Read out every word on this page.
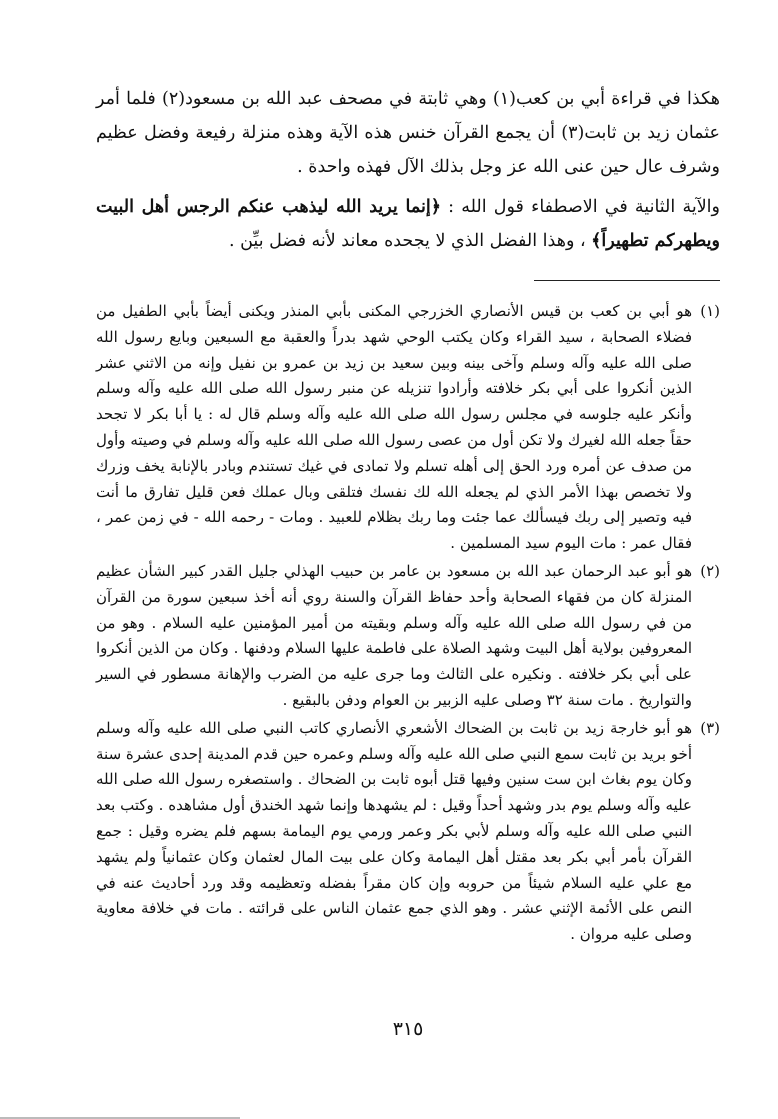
هكذا في قراءة أبي بن كعب(١) وهي ثابتة في مصحف عبد الله بن مسعود(٢) فلما أمر عثمان زيد بن ثابت(٣) أن يجمع القرآن خنس هذه الآية وهذه منزلة رفيعة وفضل عظيم وشرف عال حين عنى الله عز وجل بذلك الآل فهذه واحدة .

والآية الثانية في الاصطفاء قول الله : ﴿إنما يريد الله ليذهب عنكم الرجس أهل البيت ويطهركم تطهيراً﴾ ، وهذا الفضل الذي لا يجحده معاند لأنه فضل بيِّن .

(١)
هو أبي بن كعب بن قيس الأنصاري الخزرجي المكنى بأبي المنذر ويكنى أيضاً بأبي الطفيل من فضلاء الصحابة ، سيد القراء وكان يكتب الوحي شهد بدراً والعقبة مع السبعين وبايع رسول الله صلى الله عليه وآله وسلم وآخى بينه وبين سعيد بن زيد بن عمرو بن نفيل وإنه من الاثني عشر الذين أنكروا على أبي بكر خلافته وأرادوا تنزيله عن منبر رسول الله صلى الله عليه وآله وسلم وأنكر عليه جلوسه في مجلس رسول الله صلى الله عليه وآله وسلم قال له : يا أبا بكر لا تجحد حقاً جعله الله لغيرك ولا تكن أول من عصى رسول الله صلى الله عليه وآله وسلم في وصيته وأول من صدف عن أمره ورد الحق إلى أهله تسلم ولا تمادى في غيك تستندم وبادر بالإنابة يخف وزرك ولا تخصص بهذا الأمر الذي لم يجعله الله لك نفسك فتلقى وبال عملك فعن قليل تفارق ما أنت فيه وتصير إلى ربك فيسألك عما جئت وما ربك بظلام للعبيد . ومات - رحمه الله - في زمن عمر ، فقال عمر : مات اليوم سيد المسلمين .
(٢)
هو أبو عبد الرحمان عبد الله بن مسعود بن عامر بن حبيب الهذلي جليل القدر كبير الشأن عظيم المنزلة كان من فقهاء الصحابة وأحد حفاظ القرآن والسنة روي أنه أخذ سبعين سورة من القرآن من في رسول الله صلى الله عليه وآله وسلم وبقيته من أمير المؤمنين عليه السلام . وهو من المعروفين بولاية أهل البيت وشهد الصلاة على فاطمة عليها السلام ودفنها . وكان من الذين أنكروا على أبي بكر خلافته . ونكيره على الثالث وما جرى عليه من الضرب والإهانة مسطور في السير والتواريخ . مات سنة ٣٢ وصلى عليه الزبير بن العوام ودفن بالبقيع .
(٣)
هو أبو خارجة زيد بن ثابت بن الضحاك الأشعري الأنصاري كاتب النبي صلى الله عليه وآله وسلم أخو بريد بن ثابت سمع النبي صلى الله عليه وآله وسلم وعمره حين قدم المدينة إحدى عشرة سنة وكان يوم بغاث ابن ست سنين وفيها قتل أبوه ثابت بن الضحاك . واستصغره رسول الله صلى الله عليه وآله وسلم يوم بدر وشهد أحداً وقيل : لم يشهدها وإنما شهد الخندق أول مشاهده . وكتب بعد النبي صلى الله عليه وآله وسلم لأبي بكر وعمر ورمي يوم اليمامة بسهم فلم يضره وقيل : جمع القرآن بأمر أبي بكر بعد مقتل أهل اليمامة وكان على بيت المال لعثمان وكان عثمانياً ولم يشهد مع علي عليه السلام شيئاً من حروبه وإن كان مقراً بفضله وتعظيمه وقد ورد أحاديث عنه في النص على الأئمة الإثني عشر . وهو الذي جمع عثمان الناس على قرائته . مات في خلافة معاوية وصلى عليه مروان .
٣١٥
